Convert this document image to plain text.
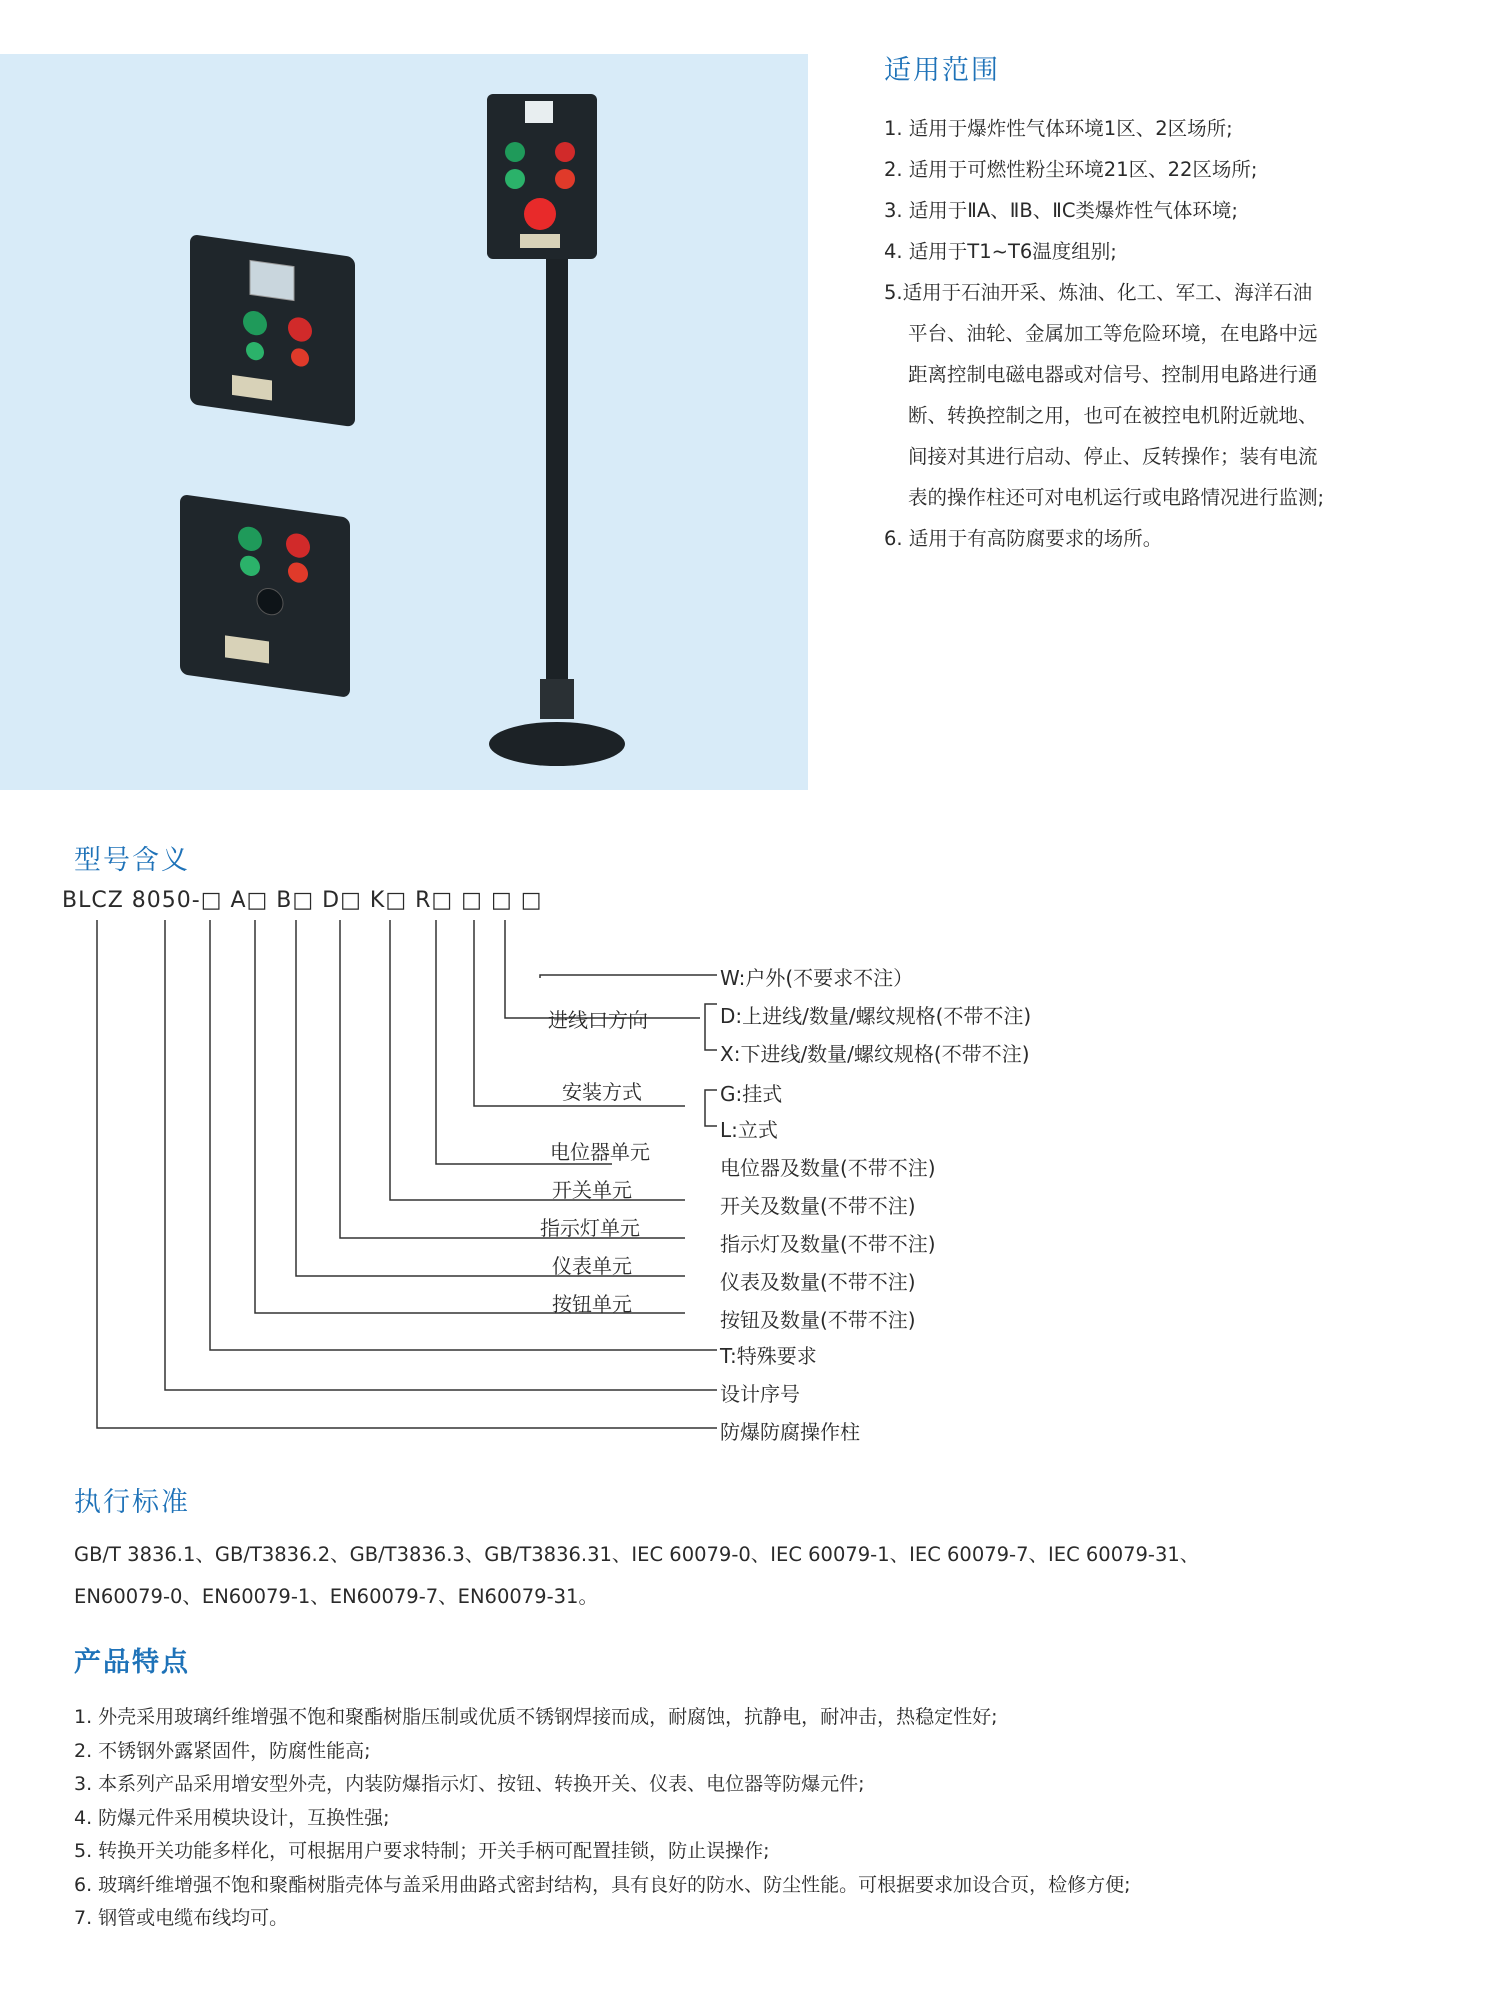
适用范围
1. 适用于爆炸性气体环境1区、2区场所;
2. 适用于可燃性粉尘环境21区、22区场所;
3. 适用于ⅡA、ⅡB、ⅡC类爆炸性气体环境;
4. 适用于T1~T6温度组别;
5.适用于石油开采、炼油、化工、军工、海洋石油
平台、油轮、金属加工等危险环境，在电路中远
距离控制电磁电器或对信号、控制用电路进行通
断、转换控制之用，也可在被控电机附近就地、
间接对其进行启动、停止、反转操作；装有电流
表的操作柱还可对电机运行或电路情况进行监测;
6. 适用于有高防腐要求的场所。
型号含义
BLCZ 8050-□ A□ B□ D□ K□ R□ □ □ □
W:户外(不要求不注）
进线口方向	D:上进线/数量/螺纹规格(不带不注)
X:下进线/数量/螺纹规格(不带不注)
安装方式	G:挂式
L:立式
电位器单元
电位器及数量(不带不注)
开关单元
开关及数量(不带不注)
指示灯单元
指示灯及数量(不带不注)
仪表单元
仪表及数量(不带不注)
按钮单元
按钮及数量(不带不注)
T:特殊要求
设计序号
防爆防腐操作柱
执行标准
GB/T 3836.1、GB/T3836.2、GB/T3836.3、GB/T3836.31、IEC 60079-0、IEC 60079-1、IEC 60079-7、IEC 60079-31、
EN60079-0、EN60079-1、EN60079-7、EN60079-31。
产品特点
1. 外壳采用玻璃纤维增强不饱和聚酯树脂压制或优质不锈钢焊接而成，耐腐蚀，抗静电，耐冲击，热稳定性好;
2. 不锈钢外露紧固件，防腐性能高;
3. 本系列产品采用增安型外壳，内装防爆指示灯、按钮、转换开关、仪表、电位器等防爆元件;
4. 防爆元件采用模块设计，互换性强;
5. 转换开关功能多样化，可根据用户要求特制；开关手柄可配置挂锁，防止误操作;
6. 玻璃纤维增强不饱和聚酯树脂壳体与盖采用曲路式密封结构，具有良好的防水、防尘性能。可根据要求加设合页，检修方便;
7. 钢管或电缆布线均可。
